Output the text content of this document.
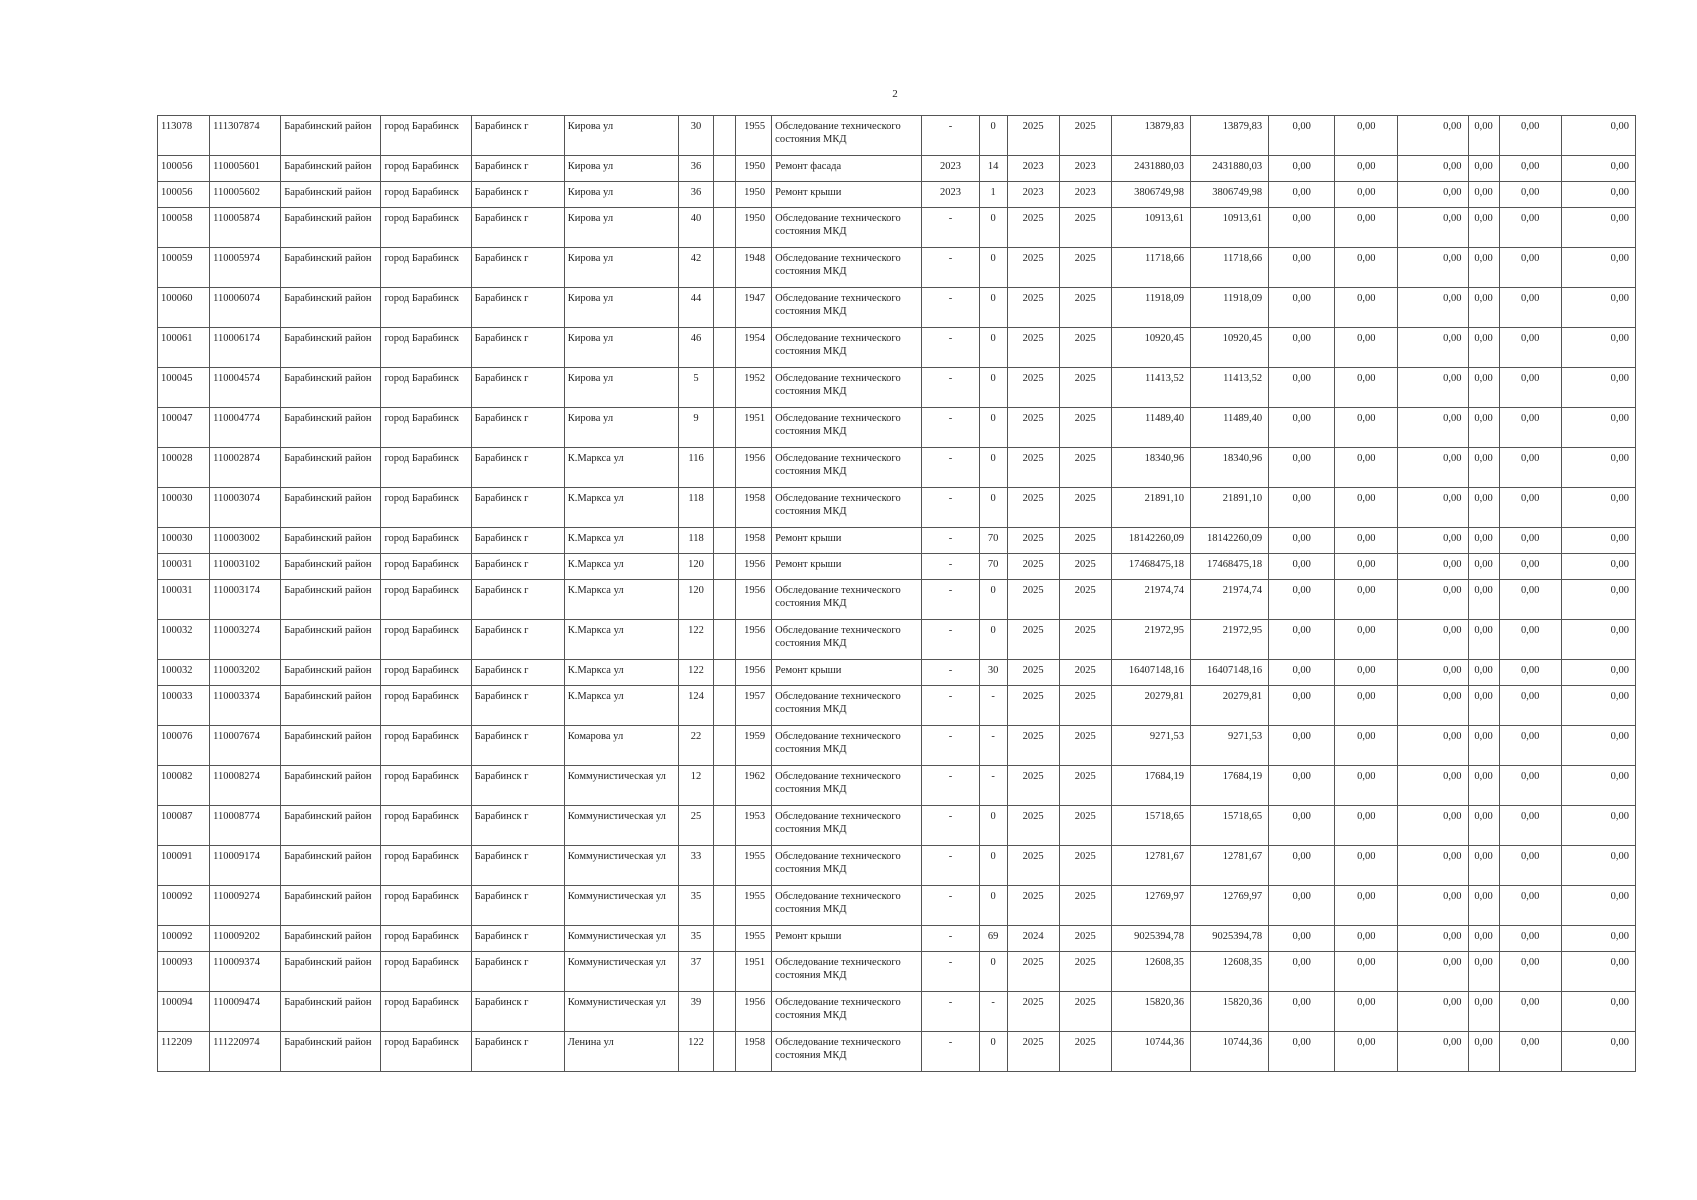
2
113078	111307874	Барабинский район	город Барабинск	Барабинск г	Кирова ул	30		1955	Обследование технического состояния МКД	-	0	2025	2025	13879,83	13879,83	0,00	0,00	0,00	0,00	0,00	0,00
100056	110005601	Барабинский район	город Барабинск	Барабинск г	Кирова ул	36		1950	Ремонт фасада	2023	14	2023	2023	2431880,03	2431880,03	0,00	0,00	0,00	0,00	0,00	0,00
100056	110005602	Барабинский район	город Барабинск	Барабинск г	Кирова ул	36		1950	Ремонт крыши	2023	1	2023	2023	3806749,98	3806749,98	0,00	0,00	0,00	0,00	0,00	0,00
100058	110005874	Барабинский район	город Барабинск	Барабинск г	Кирова ул	40		1950	Обследование технического состояния МКД	-	0	2025	2025	10913,61	10913,61	0,00	0,00	0,00	0,00	0,00	0,00
100059	110005974	Барабинский район	город Барабинск	Барабинск г	Кирова ул	42		1948	Обследование технического состояния МКД	-	0	2025	2025	11718,66	11718,66	0,00	0,00	0,00	0,00	0,00	0,00
100060	110006074	Барабинский район	город Барабинск	Барабинск г	Кирова ул	44		1947	Обследование технического состояния МКД	-	0	2025	2025	11918,09	11918,09	0,00	0,00	0,00	0,00	0,00	0,00
100061	110006174	Барабинский район	город Барабинск	Барабинск г	Кирова ул	46		1954	Обследование технического состояния МКД	-	0	2025	2025	10920,45	10920,45	0,00	0,00	0,00	0,00	0,00	0,00
100045	110004574	Барабинский район	город Барабинск	Барабинск г	Кирова ул	5		1952	Обследование технического состояния МКД	-	0	2025	2025	11413,52	11413,52	0,00	0,00	0,00	0,00	0,00	0,00
100047	110004774	Барабинский район	город Барабинск	Барабинск г	Кирова ул	9		1951	Обследование технического состояния МКД	-	0	2025	2025	11489,40	11489,40	0,00	0,00	0,00	0,00	0,00	0,00
100028	110002874	Барабинский район	город Барабинск	Барабинск г	К.Маркса ул	116		1956	Обследование технического состояния МКД	-	0	2025	2025	18340,96	18340,96	0,00	0,00	0,00	0,00	0,00	0,00
100030	110003074	Барабинский район	город Барабинск	Барабинск г	К.Маркса ул	118		1958	Обследование технического состояния МКД	-	0	2025	2025	21891,10	21891,10	0,00	0,00	0,00	0,00	0,00	0,00
100030	110003002	Барабинский район	город Барабинск	Барабинск г	К.Маркса ул	118		1958	Ремонт крыши	-	70	2025	2025	18142260,09	18142260,09	0,00	0,00	0,00	0,00	0,00	0,00
100031	110003102	Барабинский район	город Барабинск	Барабинск г	К.Маркса ул	120		1956	Ремонт крыши	-	70	2025	2025	17468475,18	17468475,18	0,00	0,00	0,00	0,00	0,00	0,00
100031	110003174	Барабинский район	город Барабинск	Барабинск г	К.Маркса ул	120		1956	Обследование технического состояния МКД	-	0	2025	2025	21974,74	21974,74	0,00	0,00	0,00	0,00	0,00	0,00
100032	110003274	Барабинский район	город Барабинск	Барабинск г	К.Маркса ул	122		1956	Обследование технического состояния МКД	-	0	2025	2025	21972,95	21972,95	0,00	0,00	0,00	0,00	0,00	0,00
100032	110003202	Барабинский район	город Барабинск	Барабинск г	К.Маркса ул	122		1956	Ремонт крыши	-	30	2025	2025	16407148,16	16407148,16	0,00	0,00	0,00	0,00	0,00	0,00
100033	110003374	Барабинский район	город Барабинск	Барабинск г	К.Маркса ул	124		1957	Обследование технического состояния МКД	-	-	2025	2025	20279,81	20279,81	0,00	0,00	0,00	0,00	0,00	0,00
100076	110007674	Барабинский район	город Барабинск	Барабинск г	Комарова ул	22		1959	Обследование технического состояния МКД	-	-	2025	2025	9271,53	9271,53	0,00	0,00	0,00	0,00	0,00	0,00
100082	110008274	Барабинский район	город Барабинск	Барабинск г	Коммунистическая ул	12		1962	Обследование технического состояния МКД	-	-	2025	2025	17684,19	17684,19	0,00	0,00	0,00	0,00	0,00	0,00
100087	110008774	Барабинский район	город Барабинск	Барабинск г	Коммунистическая ул	25		1953	Обследование технического состояния МКД	-	0	2025	2025	15718,65	15718,65	0,00	0,00	0,00	0,00	0,00	0,00
100091	110009174	Барабинский район	город Барабинск	Барабинск г	Коммунистическая ул	33		1955	Обследование технического состояния МКД	-	0	2025	2025	12781,67	12781,67	0,00	0,00	0,00	0,00	0,00	0,00
100092	110009274	Барабинский район	город Барабинск	Барабинск г	Коммунистическая ул	35		1955	Обследование технического состояния МКД	-	0	2025	2025	12769,97	12769,97	0,00	0,00	0,00	0,00	0,00	0,00
100092	110009202	Барабинский район	город Барабинск	Барабинск г	Коммунистическая ул	35		1955	Ремонт крыши	-	69	2024	2025	9025394,78	9025394,78	0,00	0,00	0,00	0,00	0,00	0,00
100093	110009374	Барабинский район	город Барабинск	Барабинск г	Коммунистическая ул	37		1951	Обследование технического состояния МКД	-	0	2025	2025	12608,35	12608,35	0,00	0,00	0,00	0,00	0,00	0,00
100094	110009474	Барабинский район	город Барабинск	Барабинск г	Коммунистическая ул	39		1956	Обследование технического состояния МКД	-	-	2025	2025	15820,36	15820,36	0,00	0,00	0,00	0,00	0,00	0,00
112209	111220974	Барабинский район	город Барабинск	Барабинск г	Ленина ул	122		1958	Обследование технического состояния МКД	-	0	2025	2025	10744,36	10744,36	0,00	0,00	0,00	0,00	0,00	0,00
